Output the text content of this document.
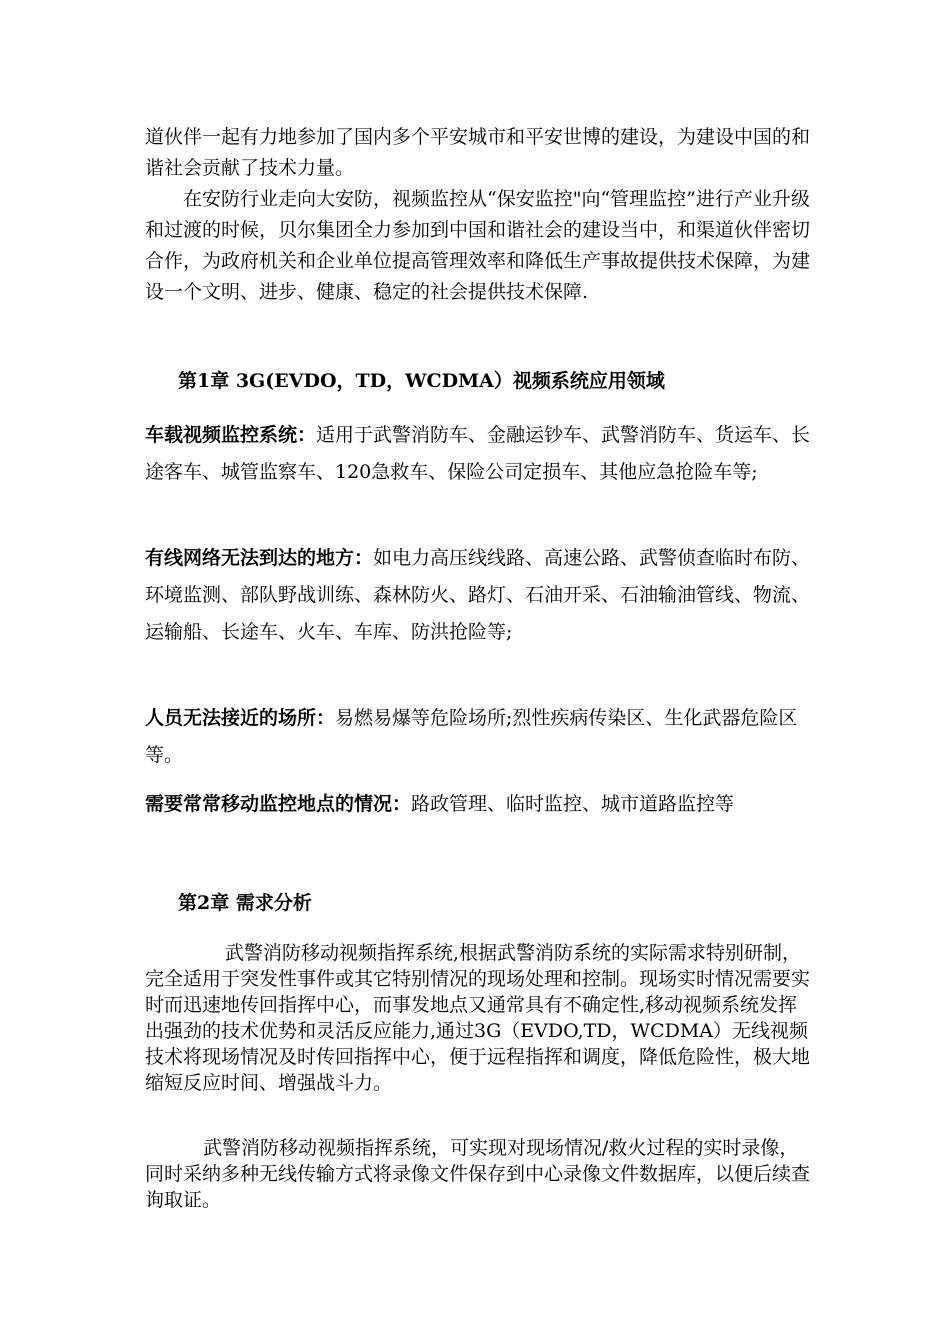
道伙伴一起有力地参加了国内多个平安城市和平安世博的建设，为建设中国的和谐社会贡献了技术力量。

在安防行业走向大安防，视频监控从“保安监控"向“管理监控”进行产业升级和过渡的时候，贝尔集团全力参加到中国和谐社会的建设当中，和渠道伙伴密切合作，为政府机关和企业单位提高管理效率和降低生产事故提供技术保障，为建设一个文明、进步、健康、稳定的社会提供技术保障.

第1章 3G(EVDO，TD，WCDMA）视频系统应用领域

车载视频监控系统：适用于武警消防车、金融运钞车、武警消防车、货运车、长途客车、城管监察车、120急救车、保险公司定损车、其他应急抢险车等;

有线网络无法到达的地方：如电力高压线线路、高速公路、武警侦查临时布防、环境监测、部队野战训练、森林防火、路灯、石油开采、石油输油管线、物流、运输船、长途车、火车、车库、防洪抢险等;

人员无法接近的场所：易燃易爆等危险场所;烈性疾病传染区、生化武器危险区等。

需要常常移动监控地点的情况：路政管理、临时监控、城市道路监控等

第2章 需求分析

武警消防移动视频指挥系统,根据武警消防系统的实际需求特别研制，完全适用于突发性事件或其它特别情况的现场处理和控制。现场实时情况需要实时而迅速地传回指挥中心，而事发地点又通常具有不确定性,移动视频系统发挥出强劲的技术优势和灵活反应能力,通过3G（EVDO,TD，WCDMA）无线视频技术将现场情况及时传回指挥中心，便于远程指挥和调度，降低危险性，极大地缩短反应时间、增强战斗力。

武警消防移动视频指挥系统，可实现对现场情况/救火过程的实时录像，同时采纳多种无线传输方式将录像文件保存到中心录像文件数据库，以便后续查询取证。
